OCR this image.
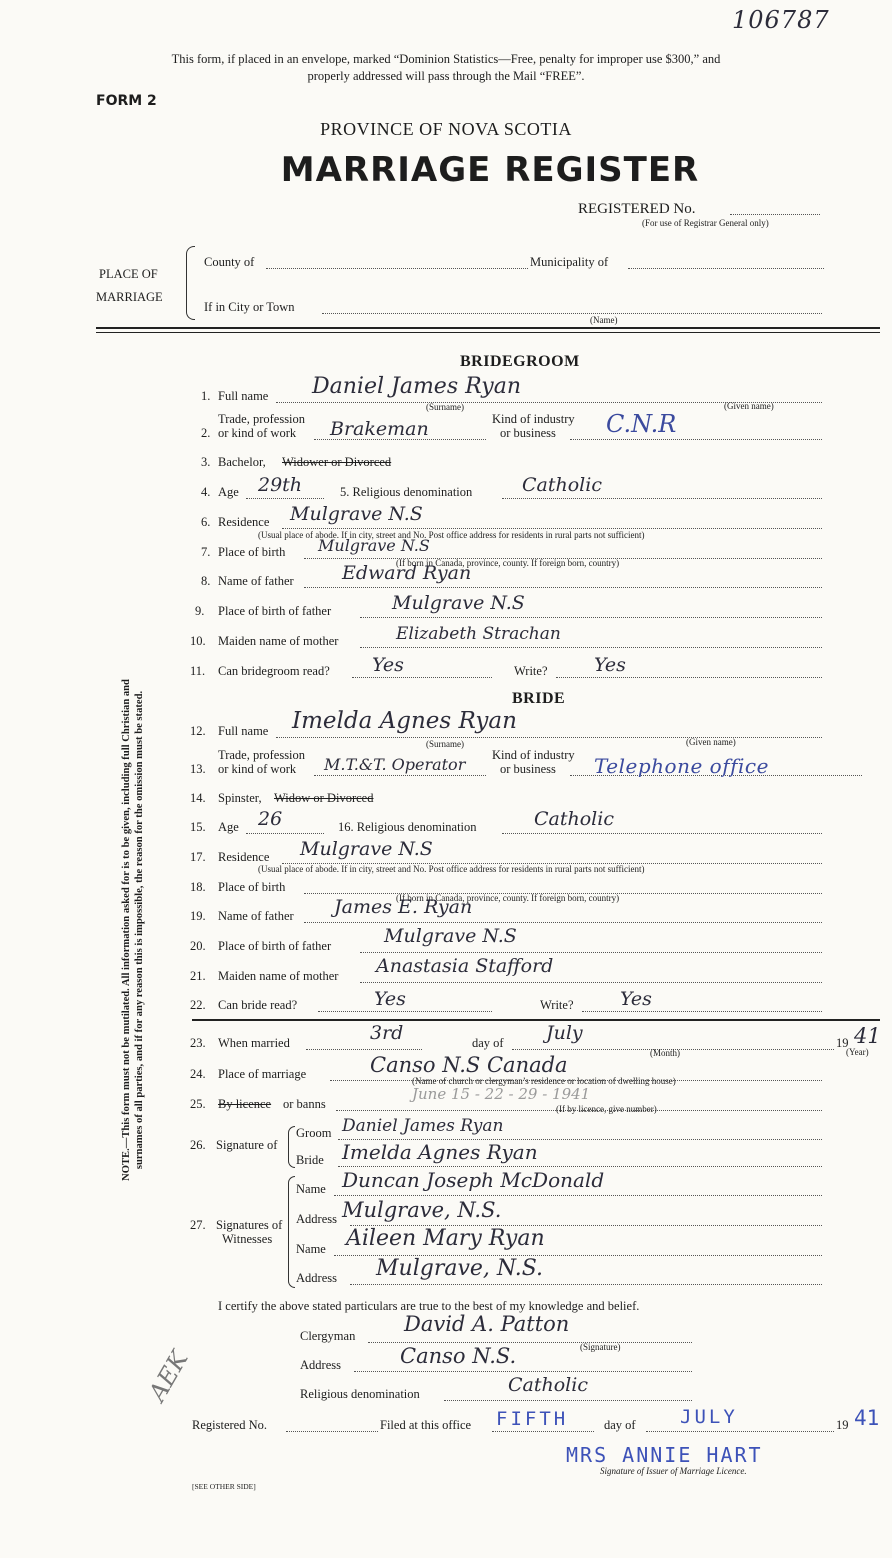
106787
This form, if placed in an envelope, marked “Dominion Statistics—Free, penalty for improper use $300,” and
properly addressed will pass through the Mail “FREE”.
FORM 2
PROVINCE OF NOVA SCOTIA
MARRIAGE REGISTER
REGISTERED No.
(For use of Registrar General only)
PLACE OF
MARRIAGE
County of	Municipality of
If in City or Town
(Name)
BRIDEGROOM
1. Full name Daniel James Ryan
(Surname)	(Given name)
Trade, profession
2. or kind of work Brakeman	Kind of industry
or business C.N.R
3. Bachelor, Widower or Divorced
4. Age 29th	5. Religious denomination	Catholic
6. Residence Mulgrave N.S
(Usual place of abode. If in city, street and No. Post office address for residents in rural parts not sufficient)
7. Place of birth Mulgrave N.S
(If born in Canada, province, county. If foreign born, country)
8. Name of father	Edward Ryan
9. Place of birth of father	Mulgrave N.S
10. Maiden name of mother	Elizabeth Strachan
11. Can bridegroom read? Yes	Write? Yes
BRIDE
12. Full name Imelda Agnes Ryan
(Surname)	(Given name)
Trade, profession
13. or kind of work M.T.&T. Operator Kind of industry
or business Telephone office
14. Spinster, Widow or Divorced
15. Age 26	16. Religious denomination	Catholic
17. Residence Mulgrave N.S
(Usual place of abode. If in city, street and No. Post office address for residents in rural parts not sufficient)
18. Place of birth
(If born in Canada, province, county. If foreign born, country)
19. Name of father James E. Ryan
20. Place of birth of father	Mulgrave N.S
21. Maiden name of mother Anastasia Stafford
22. Can bride read?	Yes	Write? Yes
23. When married	3rd	day of July
(Month)
19 41
(Year)
24. Place of marriage	Canso N.S Canada
(Name of church or clergyman’s residence or location of dwelling house)
25. By licence or banns
June 15 - 22 - 29 - 1941
(If by licence, give number)
26. Signature of
Groom Daniel James Ryan
Bride Imelda Agnes Ryan
27. Signatures of
Witnesses
Name Duncan Joseph McDonald
Address Mulgrave, N.S.
Name Aileen Mary Ryan
Address Mulgrave, N.S.
I certify the above stated particulars are true to the best of my knowledge and belief.
Clergyman David A. Patton
(Signature)
Address	Canso N.S.
Religious denomination	Catholic
Registered No.	Filed at this office FIFTH	day of JULY	19 41
MRS ANNIE HART
Signature of Issuer of Marriage Licence.
NOTE.—This form must not be mutilated. All information asked for is to be given, including full Christian and surnames of all parties, and if for any reason this is impossible, the reason for the omission must be stated.
AEK
[SEE OTHER SIDE]
